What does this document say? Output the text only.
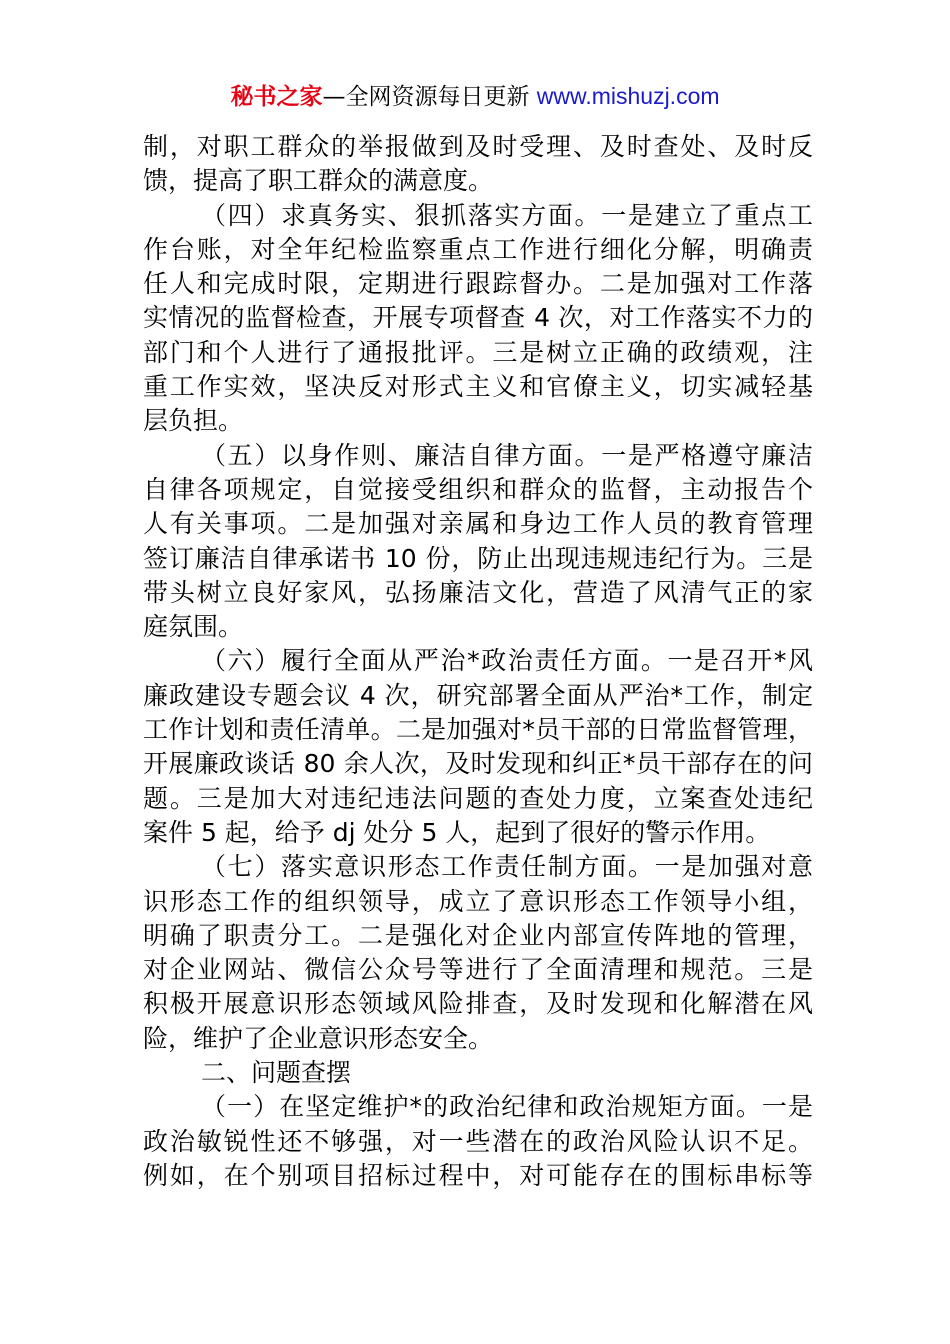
秘书之家—全网资源每日更新 www.mishuzj.com
制，对职工群众的举报做到及时受理、及时查处、及时反
馈，提高了职工群众的满意度。
（四）求真务实、狠抓落实方面。一是建立了重点工
作台账，对全年纪检监察重点工作进行细化分解，明确责
任人和完成时限，定期进行跟踪督办。二是加强对工作落
实情况的监督检查，开展专项督查 4 次，对工作落实不力的
部门和个人进行了通报批评。三是树立正确的政绩观，注
重工作实效，坚决反对形式主义和官僚主义，切实减轻基
层负担。
（五）以身作则、廉洁自律方面。一是严格遵守廉洁
自律各项规定，自觉接受组织和群众的监督，主动报告个
人有关事项。二是加强对亲属和身边工作人员的教育管理
签订廉洁自律承诺书 10 份，防止出现违规违纪行为。三是
带头树立良好家风，弘扬廉洁文化，营造了风清气正的家
庭氛围。
（六）履行全面从严治*政治责任方面。一是召开*风
廉政建设专题会议 4 次，研究部署全面从严治*工作，制定
工作计划和责任清单。二是加强对*员干部的日常监督管理，
开展廉政谈话 80 余人次，及时发现和纠正*员干部存在的问
题。三是加大对违纪违法问题的查处力度，立案查处违纪
案件 5 起，给予 dj 处分 5 人，起到了很好的警示作用。
（七）落实意识形态工作责任制方面。一是加强对意
识形态工作的组织领导，成立了意识形态工作领导小组，
明确了职责分工。二是强化对企业内部宣传阵地的管理，
对企业网站、微信公众号等进行了全面清理和规范。三是
积极开展意识形态领域风险排查，及时发现和化解潜在风
险，维护了企业意识形态安全。
二、问题查摆
（一）在坚定维护*的政治纪律和政治规矩方面。一是
政治敏锐性还不够强，对一些潜在的政治风险认识不足。
例如，在个别项目招标过程中，对可能存在的围标串标等
